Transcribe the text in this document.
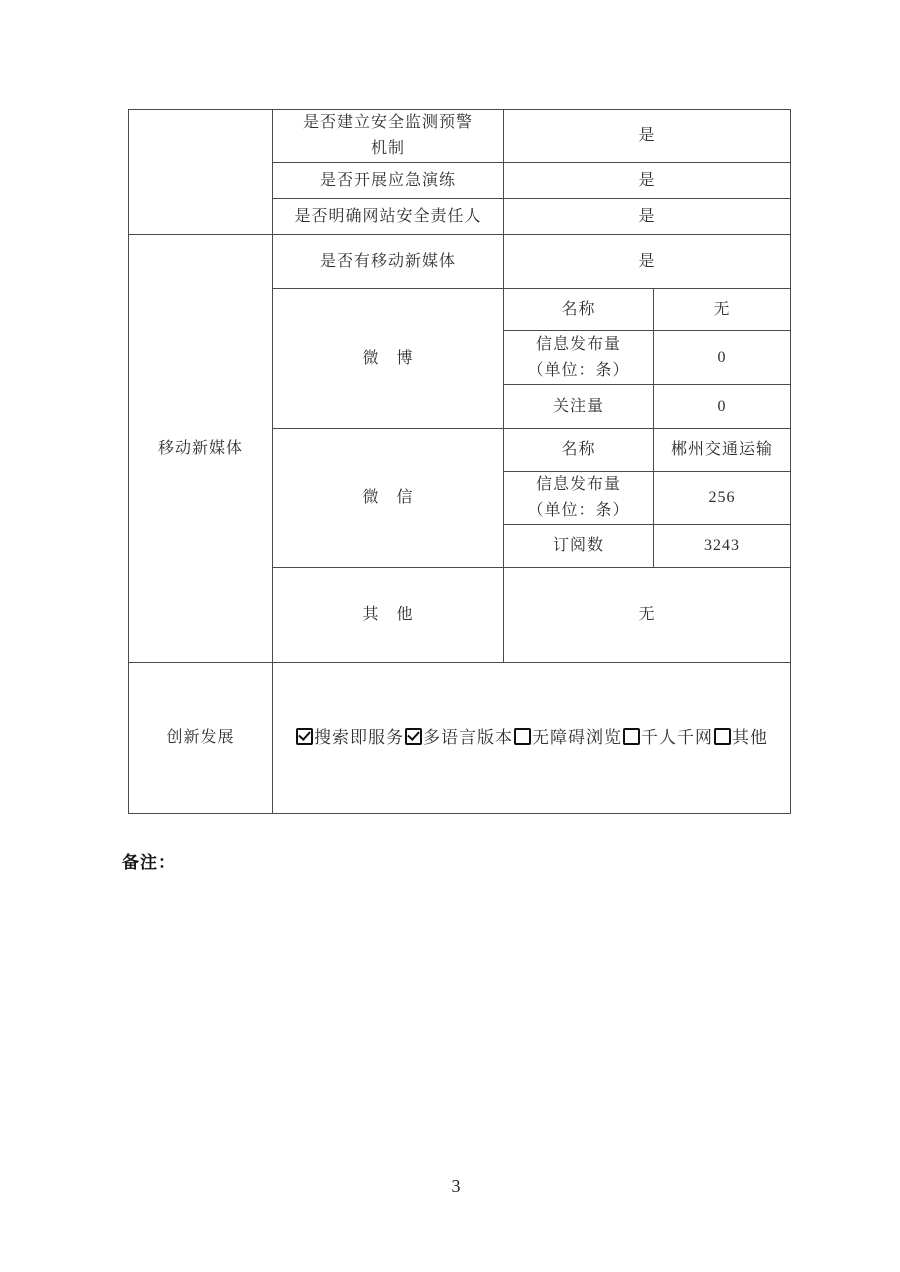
	是否建立安全监测预警
机制	是	
	是否开展应急演练	是	
	是否明确网站安全责任人	是	
移动新媒体	是否有移动新媒体	是	
	微　博	名称	无

		信息发布量
（单位：条）	0
		关注量	0
	微　信	名称	郴州交通运输

		信息发布量
（单位：条）	256
		订阅数	3243
	其　他	无	
创新发展	搜索即服务 多语言版本 无障碍浏览 千人千网 其他		
备注：
3
